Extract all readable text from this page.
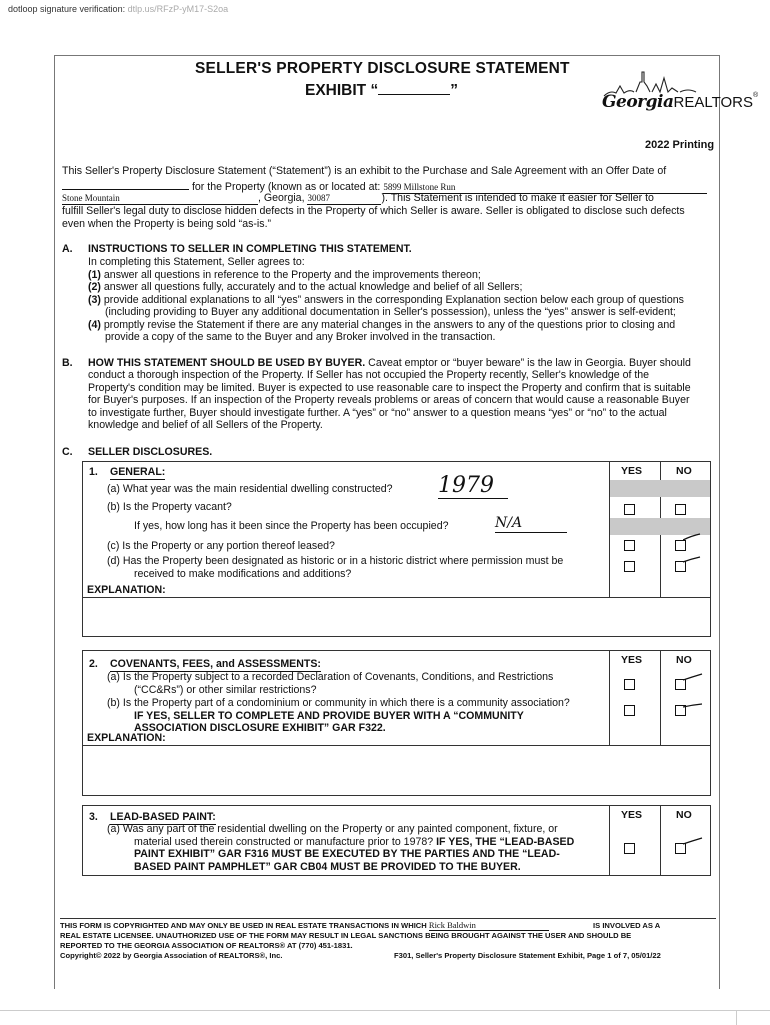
dotloop signature verification: dtlp.us/RFzP-yM17-S2oa
SELLER'S PROPERTY DISCLOSURE STATEMENT
EXHIBIT “	”
GeorgiaREALTORS®
2022 Printing
This Seller's Property Disclosure Statement (“Statement”) is an exhibit to the Purchase and Sale Agreement with an Offer Date of
for the Property (known as or located at: 5899 Millstone Run
Stone Mountain	, Georgia, 30087	). This Statement is intended to make it easier for Seller to
fulfill Seller's legal duty to disclose hidden defects in the Property of which Seller is aware. Seller is obligated to disclose such defects
even when the Property is being sold “as-is.”
A. INSTRUCTIONS TO SELLER IN COMPLETING THIS STATEMENT.
In completing this Statement, Seller agrees to:
(1) answer all questions in reference to the Property and the improvements thereon;
(2) answer all questions fully, accurately and to the actual knowledge and belief of all Sellers;
(3) provide additional explanations to all “yes” answers in the corresponding Explanation section below each group of questions
(including providing to Buyer any additional documentation in Seller's possession), unless the “yes” answer is self-evident;
(4) promptly revise the Statement if there are any material changes in the answers to any of the questions prior to closing and
provide a copy of the same to the Buyer and any Broker involved in the transaction.
B. HOW THIS STATEMENT SHOULD BE USED BY BUYER. Caveat emptor or “buyer beware” is the law in Georgia. Buyer should
conduct a thorough inspection of the Property. If Seller has not occupied the Property recently, Seller's knowledge of the
Property's condition may be limited. Buyer is expected to use reasonable care to inspect the Property and confirm that is suitable
for Buyer's purposes. If an inspection of the Property reveals problems or areas of concern that would cause a reasonable Buyer
to investigate further, Buyer should investigate further. A “yes” or “no” answer to a question means “yes” or “no” to the actual
knowledge and belief of all Sellers of the Property.
C. SELLER DISCLOSURES.
YES	NO
1. GENERAL:
(a) What year was the main residential dwelling constructed? 1979
(b) Is the Property vacant?
If yes, how long has it been since the Property has been occupied?	N/A
(c) Is the Property or any portion thereof leased?
(d) Has the Property been designated as historic or in a historic district where permission must be
received to make modifications and additions?
EXPLANATION:
YES	NO
2. COVENANTS, FEES, and ASSESSMENTS:
(a) Is the Property subject to a recorded Declaration of Covenants, Conditions, and Restrictions
(“CC&Rs”) or other similar restrictions?
(b) Is the Property part of a condominium or community in which there is a community association?
IF YES, SELLER TO COMPLETE AND PROVIDE BUYER WITH A “COMMUNITY
ASSOCIATION DISCLOSURE EXHIBIT” GAR F322.
EXPLANATION:
YES	NO
3. LEAD-BASED PAINT:
(a) Was any part of the residential dwelling on the Property or any painted component, fixture, or
material used therein constructed or manufacture prior to 1978? IF YES, THE “LEAD-BASED
PAINT EXHIBIT” GAR F316 MUST BE EXECUTED BY THE PARTIES AND THE “LEAD-
BASED PAINT PAMPHLET” GAR CB04 MUST BE PROVIDED TO THE BUYER.
THIS FORM IS COPYRIGHTED AND MAY ONLY BE USED IN REAL ESTATE TRANSACTIONS IN WHICH Rick Baldwin	IS INVOLVED AS A
REAL ESTATE LICENSEE. UNAUTHORIZED USE OF THE FORM MAY RESULT IN LEGAL SANCTIONS BEING BROUGHT AGAINST THE USER AND SHOULD BE
REPORTED TO THE GEORGIA ASSOCIATION OF REALTORS® AT (770) 451-1831.
Copyright© 2022 by Georgia Association of REALTORS®, Inc.	F301, Seller's Property Disclosure Statement Exhibit, Page 1 of 7, 05/01/22
